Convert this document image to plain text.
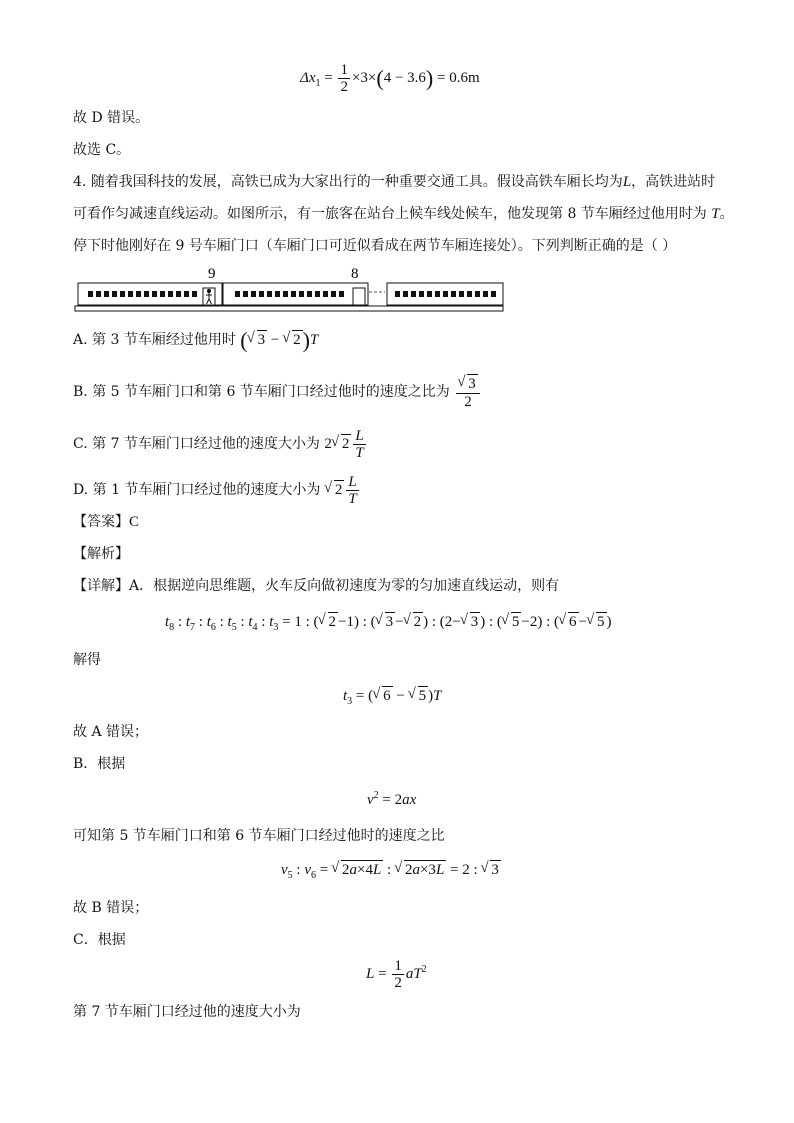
$\Delta x_1 = \frac{1}{2} \times 3\times(4 - 3.6) = 0.6m$
故 D 错误。
故选 C。
4. 随着我国科技的发展，高铁已成为大家出行的一种重要交通工具。假设高铁车厢长均为L，高铁进站时
可看作匀减速直线运动。如图所示，有一旅客在站台上候车线处候车，他发现第 8 节车厢经过他用时为 T。
停下时他刚好在 9 号车厢门口（车厢门口可近似看成在两节车厢连接处）。下列判断正确的是（ ）
9	8
A. 第 3 节车厢经过他用时 ( √ 3 − √ 2)T
B. 第 5 节车厢门口和第 6 节车厢门口经过他时的速度之比为 √ $\frac{3}{2}$
C. 第 7 节车厢门口经过他的速度大小为 2 √ $2 \frac{L}{T}$
D. 第 1 节车厢门口经过他的速度大小为 √ $2 \frac{L}{T}$
【答案】C
【解析】
【详解】A．根据逆向思维题，火车反向做初速度为零的匀加速直线运动，则有
$t_8$ : $t_7$ : $t_6$ : $t_5$ : $t_4$ : $t_3 = 1$ : ( √ 2 −1) : ( √ 3 − √ 2 ) : (2− √ 3 ) : ( √ 5 −2) : ( √ 6 − √ 5 )
解得
$t_3$ = ( √ 6 − √ 5 )T
故 A 错误；
B．根据
$v^2 = 2ax$
可知第 5 节车厢门口和第 6 节车厢门口经过他时的速度之比
$v_5$ : $v_6$ = √ 2a×4L : √ 2a×3L = 2 : √ 3
故 B 错误；
C．根据
$L = \frac{1}{2} aT^2$
第 7 节车厢门口经过他的速度大小为
